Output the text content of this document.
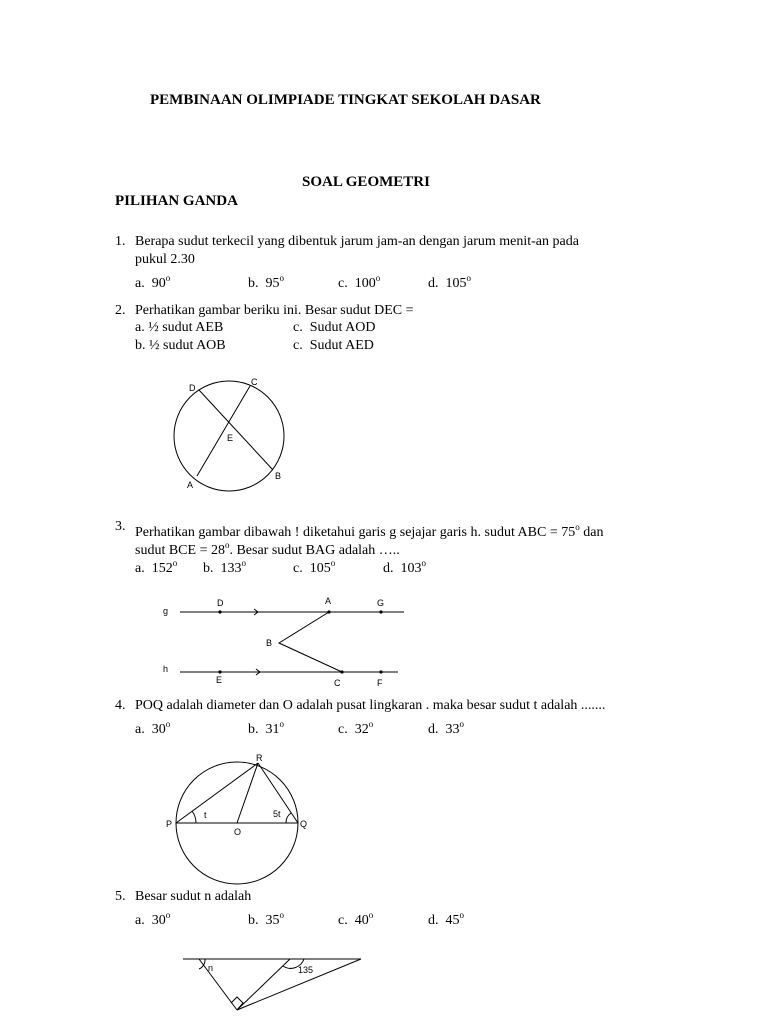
PEMBINAAN OLIMPIADE TINGKAT SEKOLAH DASAR
SOAL GEOMETRI
PILIHAN GANDA
1. Berapa sudut terkecil yang dibentuk jarum jam-an dengan jarum menit-an pada
pukul 2.30
a. 90$^o$	b. 95$^o$	c. 100$^o$	d. 105$^o$
2. Perhatikan gambar beriku ini. Besar sudut DEC =
a. ½ sudut AEB	c. Sudut AOD
b. ½ sudut AOB	c. Sudut AED
D
C
E
A
B
3. Perhatikan gambar dibawah ! diketahui garis g sejajar garis h. sudut ABC = $75^o$ dan
sudut BCE = $28^o$. Besar sudut BAG adalah …..
a. 152$^o$ b. 133$^o$	c. 105$^o$	d. 103$^o$
g
h
D	A	G
B
E	C	F
4. POQ adalah diameter dan O adalah pusat lingkaran . maka besar sudut t adalah .......
a. 30$^o$	b. 31$^o$	c. 32$^o$	d. 33$^o$
R
P
O
Q
t	5t
5. Besar sudut n adalah
a. 30$^o$	b. 35$^o$	c. 40$^o$	d. 45$^o$
n	135
